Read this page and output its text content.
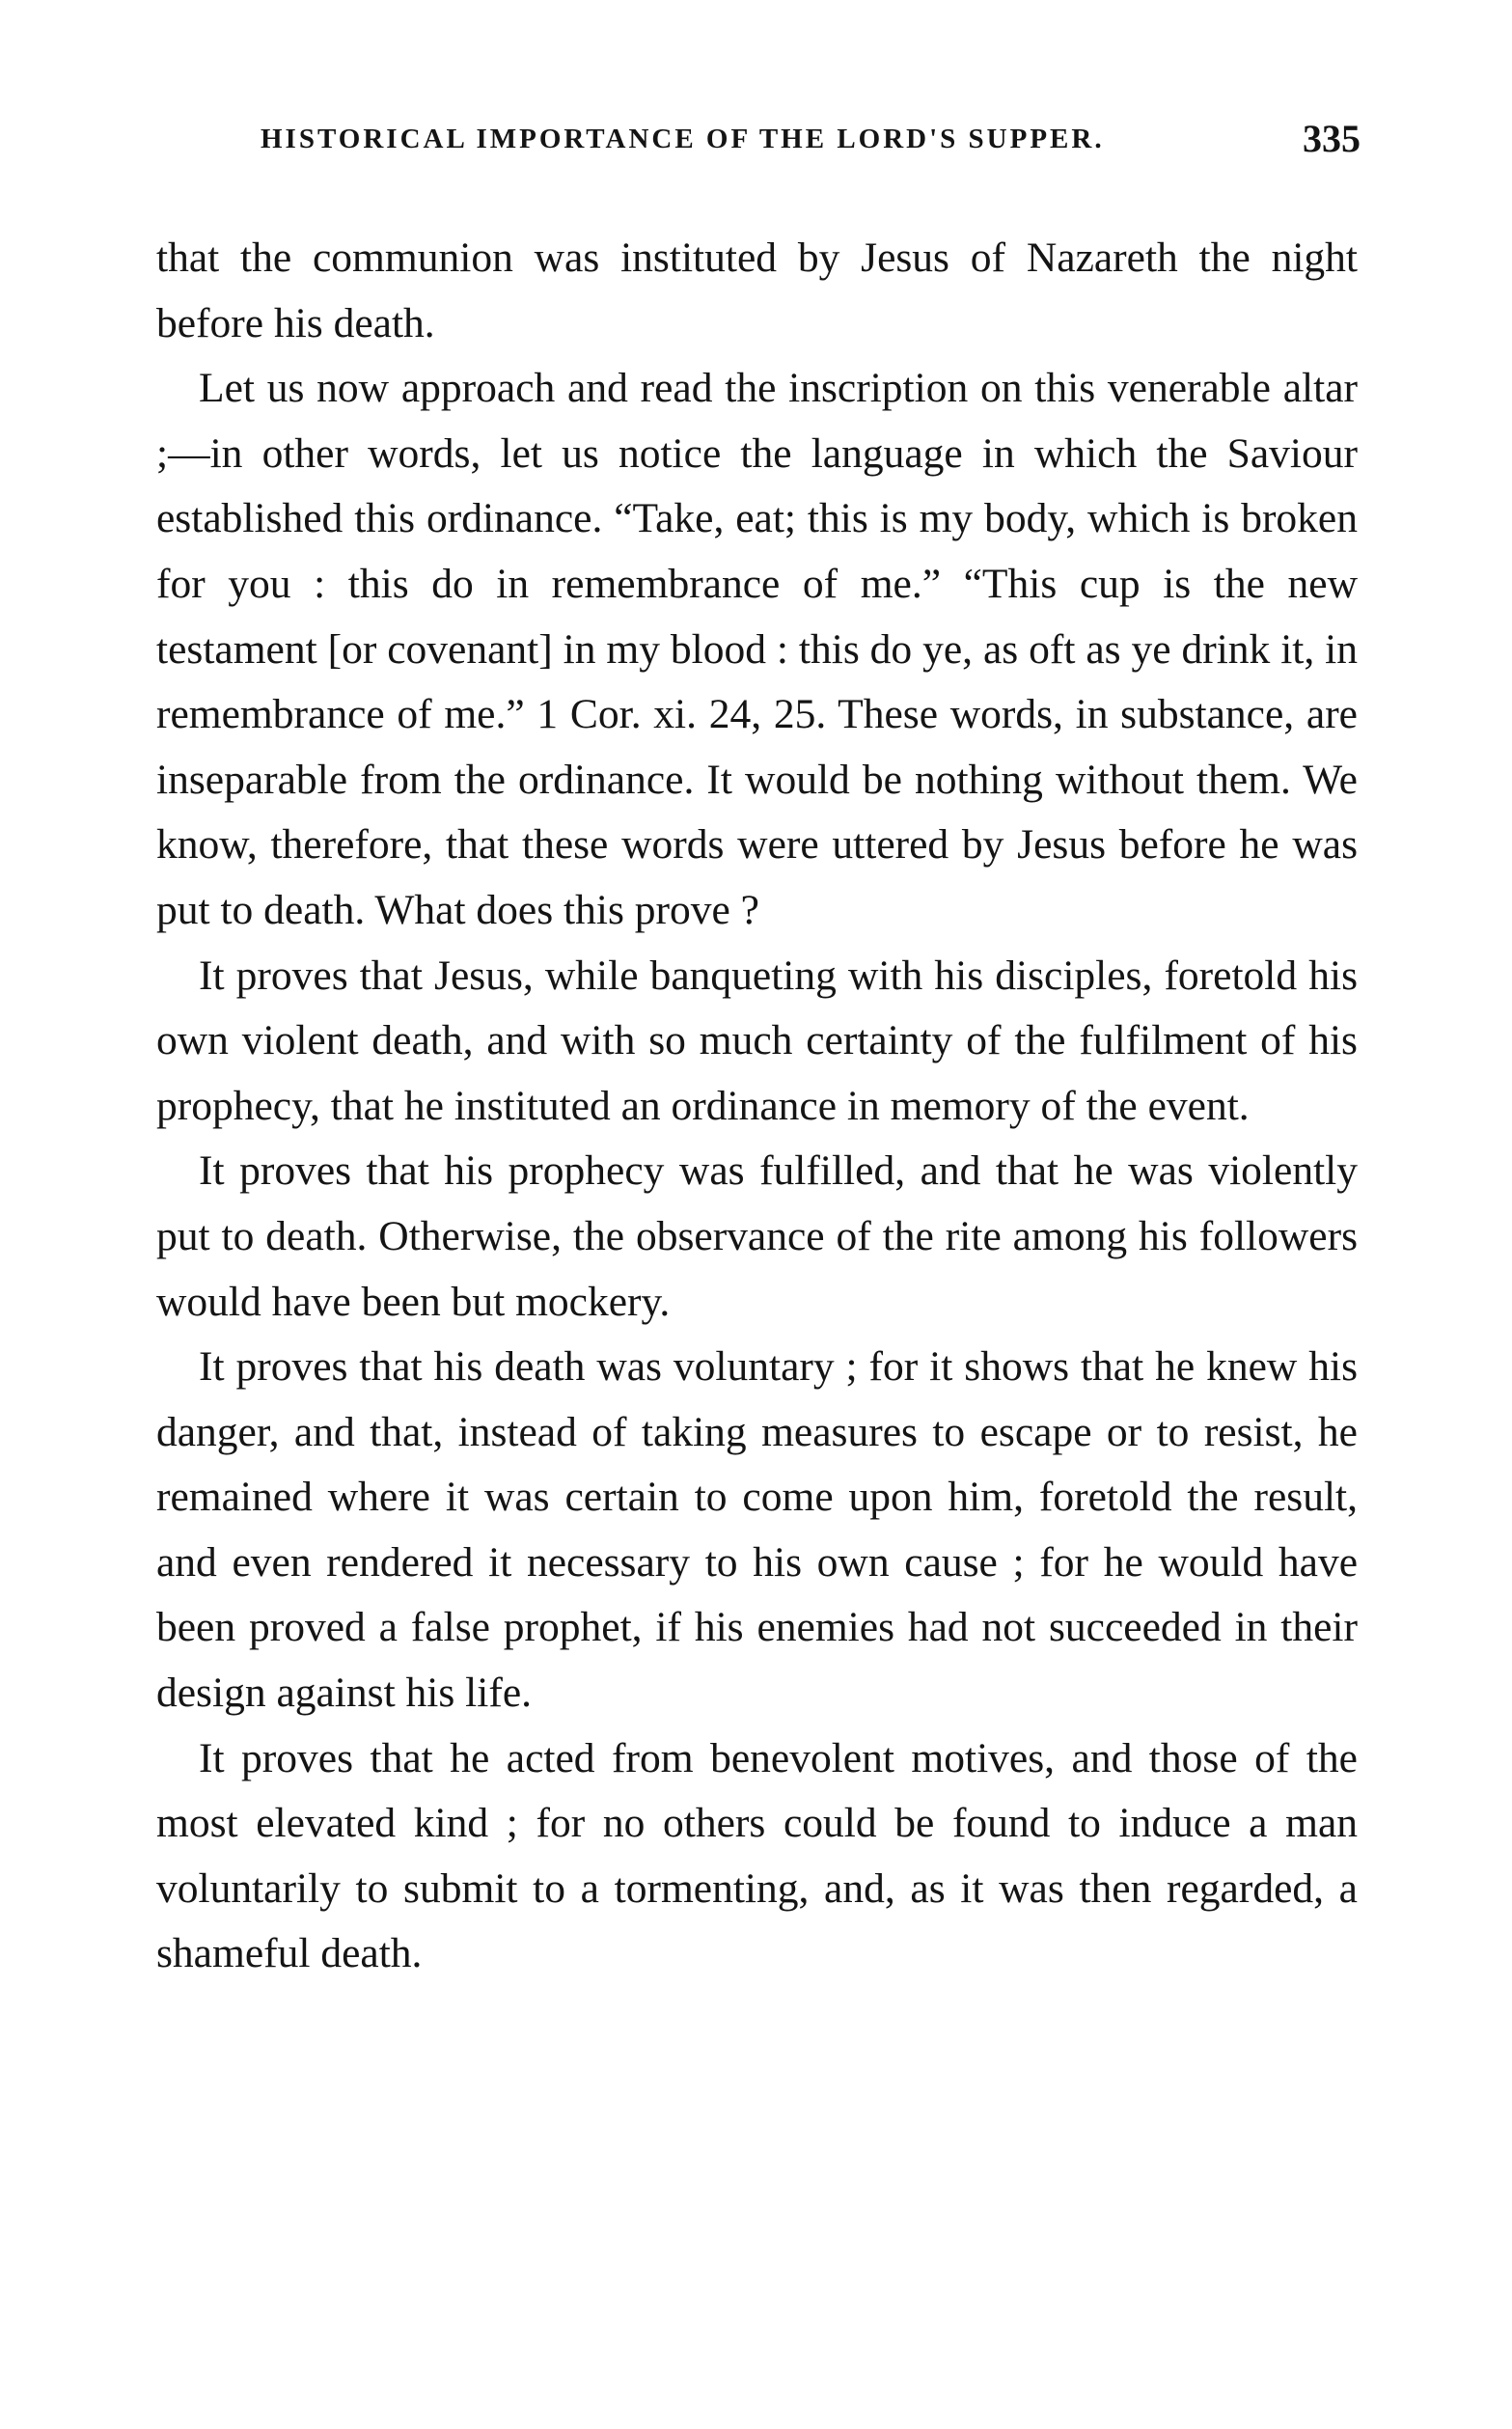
HISTORICAL IMPORTANCE OF THE LORD'S SUPPER.	335

that the communion was instituted by Jesus of Nazareth the night before his death.

Let us now approach and read the inscription on this venerable altar ;—in other words, let us notice the language in which the Saviour established this ordinance. “Take, eat; this is my body, which is broken for you : this do in remembrance of me.” “This cup is the new testament [or covenant] in my blood : this do ye, as oft as ye drink it, in remembrance of me.” 1 Cor. xi. 24, 25. These words, in substance, are inseparable from the ordinance. It would be nothing without them. We know, therefore, that these words were uttered by Jesus before he was put to death. What does this prove ?

It proves that Jesus, while banqueting with his disciples, foretold his own violent death, and with so much certainty of the fulfilment of his prophecy, that he instituted an ordinance in memory of the event.

It proves that his prophecy was fulfilled, and that he was violently put to death. Otherwise, the observance of the rite among his followers would have been but mockery.

It proves that his death was voluntary ; for it shows that he knew his danger, and that, instead of taking measures to escape or to resist, he remained where it was certain to come upon him, foretold the result, and even rendered it necessary to his own cause ; for he would have been proved a false prophet, if his enemies had not succeeded in their design against his life.

It proves that he acted from benevolent motives, and those of the most elevated kind ; for no others could be found to induce a man voluntarily to submit to a tormenting, and, as it was then regarded, a shameful death.
